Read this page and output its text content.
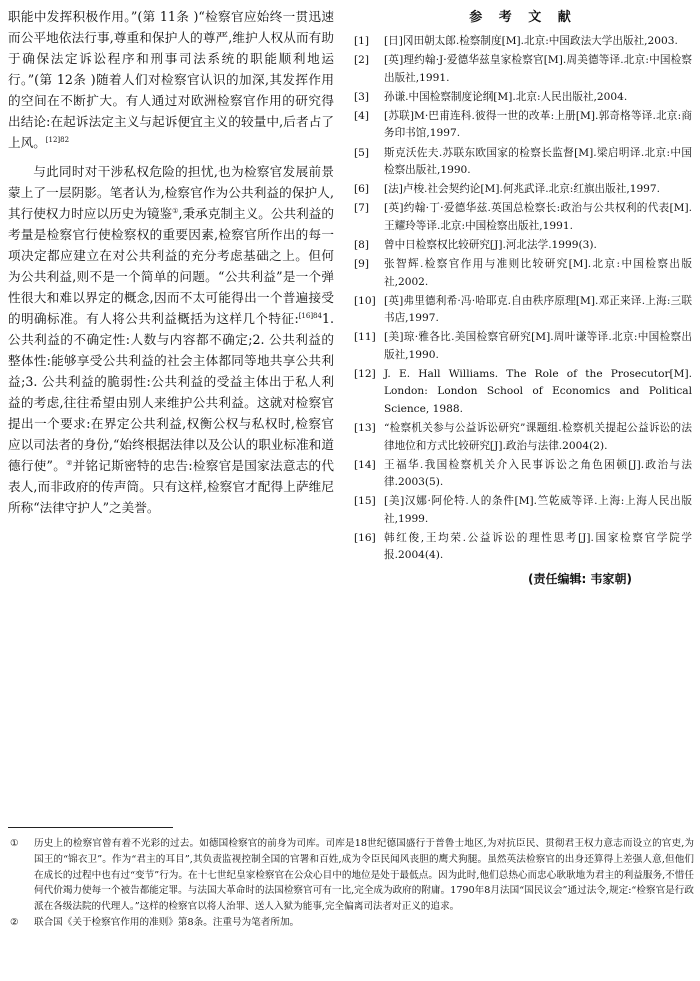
职能中发挥积极作用。”(第 11条 )“检察官应始终一贯迅速而公平地依法行事,尊重和保护人的尊严,维护人权从而有助于确保法定诉讼程序和刑事司法系统的职能顺利地运行。”(第 12条 )随着人们对检察官认识的加深,其发挥作用的空间在不断扩大。有人通过对欧洲检察官作用的研究得出结论:在起诉法定主义与起诉便宜主义的较量中,后者占了上风。$^{[12]82}$

与此同时对干涉私权危险的担忧,也为检察官发展前景蒙上了一层阴影。笔者认为,检察官作为公共利益的保护人,其行使权力时应以历史为镜鉴①,秉承克制主义。公共利益的考量是检察官行使检察权的重要因素,检察官所作出的每一项决定都应建立在对公共利益的充分考虑基础之上。但何为公共利益,则不是一个简单的问题。“公共利益”是一个弹性很大和难以界定的概念,因而不太可能得出一个普遍接受的明确标准。有人将公共利益概括为这样几个特征:$^{[16]84}$1. 公共利益的不确定性:人数与内容都不确定;2. 公共利益的整体性:能够享受公共利益的社会主体都同等地共享公共利益;3. 公共利益的脆弱性:公共利益的受益主体出于私人利益的考虑,往往希望由别人来维护公共利益。这就对检察官提出一个要求:在界定公共利益,权衡公权与私权时,检察官应以司法者的身份,“始终根据法律以及公认的职业标准和道德行使”。②并铭记斯密特的忠告:检察官是国家法意志的代表人,而非政府的传声筒。只有这样,检察官才配得上萨维尼所称“法律守护人”之美誉。

参 考 文 献
[1] [日]冈田朝太郎.检察制度[M].北京:中国政法大学出版社,2003.
[2] [英]理约翰·J·爱德华兹皇家检察官[M].周美德等译.北京:中国检察出版社,1991.
[3] 孙谦.中国检察制度论纲[M].北京:人民出版社,2004.
[4] [苏联]M·巴甫连科.彼得一世的改革:上册[M].郭奇格等译.北京:商务印书馆,1997.
[5] 斯克沃佐夫.苏联东欧国家的检察长监督[M].梁启明译.北京:中国检察出版社,1990.
[6] [法]卢梭.社会契约论[M].何兆武译.北京:红旗出版社,1997.
[7] [英]约翰·丁·爱德华兹.英国总检察长:政治与公共权利的代表[M].王耀玲等译.北京:中国检察出版社,1991.
[8] 曾中日检察权比较研究[J].河北法学.1999(3).
[9] 张智辉.检察官作用与准则比较研究[M].北京:中国检察出版社,2002.
[10] [英]弗里德利希·冯·哈耶克.自由秩序原理[M].邓正来译.上海:三联书店,1997.
[11] [美]琼·雅各比.美国检察官研究[M].周叶谦等译.北京:中国检察出版社,1990.
[12] J. E. Hall Williams. The Role of the Prosecutor[M]. London: London School of Economics and Political Science, 1988.
[13] “检察机关参与公益诉讼研究”课题组.检察机关提起公益诉讼的法律地位和方式比较研究[J].政治与法律.2004(2).
[14] 王福华.我国检察机关介入民事诉讼之角色困顿[J].政治与法律.2003(5).
[15] [美]汉娜·阿伦特.人的条件[M].竺乾威等译.上海:上海人民出版社,1999.
[16] 韩红俊,王均荣.公益诉讼的理性思考[J].国家检察官学院学报.2004(4).
(责任编辑: 韦家朝)
① 历史上的检察官曾有着不光彩的过去。如德国检察官的前身为司库。司库是18世纪德国盛行于普鲁士地区,为对抗臣民、贯彻君王权力意志而设立的官吏,为国王的“锦衣卫”。作为“君主的耳目”,其负责监视控制全国的官署和百姓,成为令臣民闻风丧胆的鹰犬狗腿。虽然英法检察官的出身还算得上差强人意,但他们在成长的过程中也有过“变节”行为。在十七世纪皇家检察官在公众心目中的地位是处于最低点。因为此时,他们总热心而忠心耿耿地为君主的利益服务,不惜任何代价竭力使每一个被告都能定罪。与法国大革命时的法国检察官可有一比,完全成为政府的附庸。1790年8月法国“国民议会”通过法令,规定:“检察官是行政派在各级法院的代理人。”这样的检察官以将人治罪、送人入狱为能事,完全偏离司法者对正义的追求。
② 联合国《关于检察官作用的准则》第8条。注重号为笔者所加。
